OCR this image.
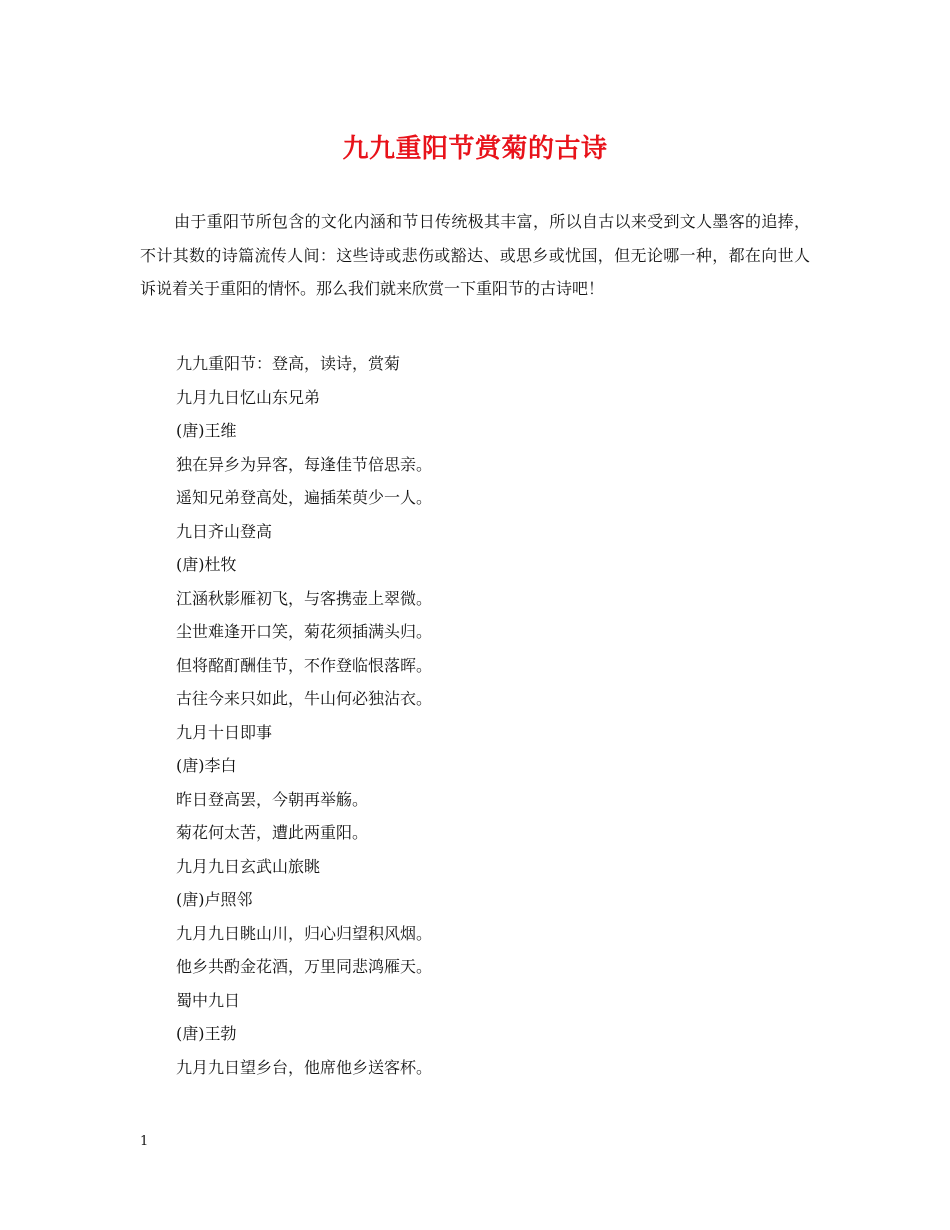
九九重阳节赏菊的古诗

由于重阳节所包含的文化内涵和节日传统极其丰富，所以自古以来受到文人墨客的追捧，不计其数的诗篇流传人间：这些诗或悲伤或豁达、或思乡或忧国，但无论哪一种，都在向世人诉说着关于重阳的情怀。那么我们就来欣赏一下重阳节的古诗吧！

九九重阳节：登高，读诗，赏菊
九月九日忆山东兄弟
(唐)王维
独在异乡为异客，每逢佳节倍思亲。
遥知兄弟登高处，遍插茱萸少一人。
九日齐山登高
(唐)杜牧
江涵秋影雁初飞，与客携壶上翠微。
尘世难逢开口笑，菊花须插满头归。
但将酩酊酬佳节，不作登临恨落晖。
古往今来只如此，牛山何必独沾衣。
九月十日即事
(唐)李白
昨日登高罢，今朝再举觞。
菊花何太苦，遭此两重阳。
九月九日玄武山旅眺
(唐)卢照邻
九月九日眺山川，归心归望积风烟。
他乡共酌金花酒，万里同悲鸿雁天。
蜀中九日
(唐)王勃
九月九日望乡台，他席他乡送客杯。
1
